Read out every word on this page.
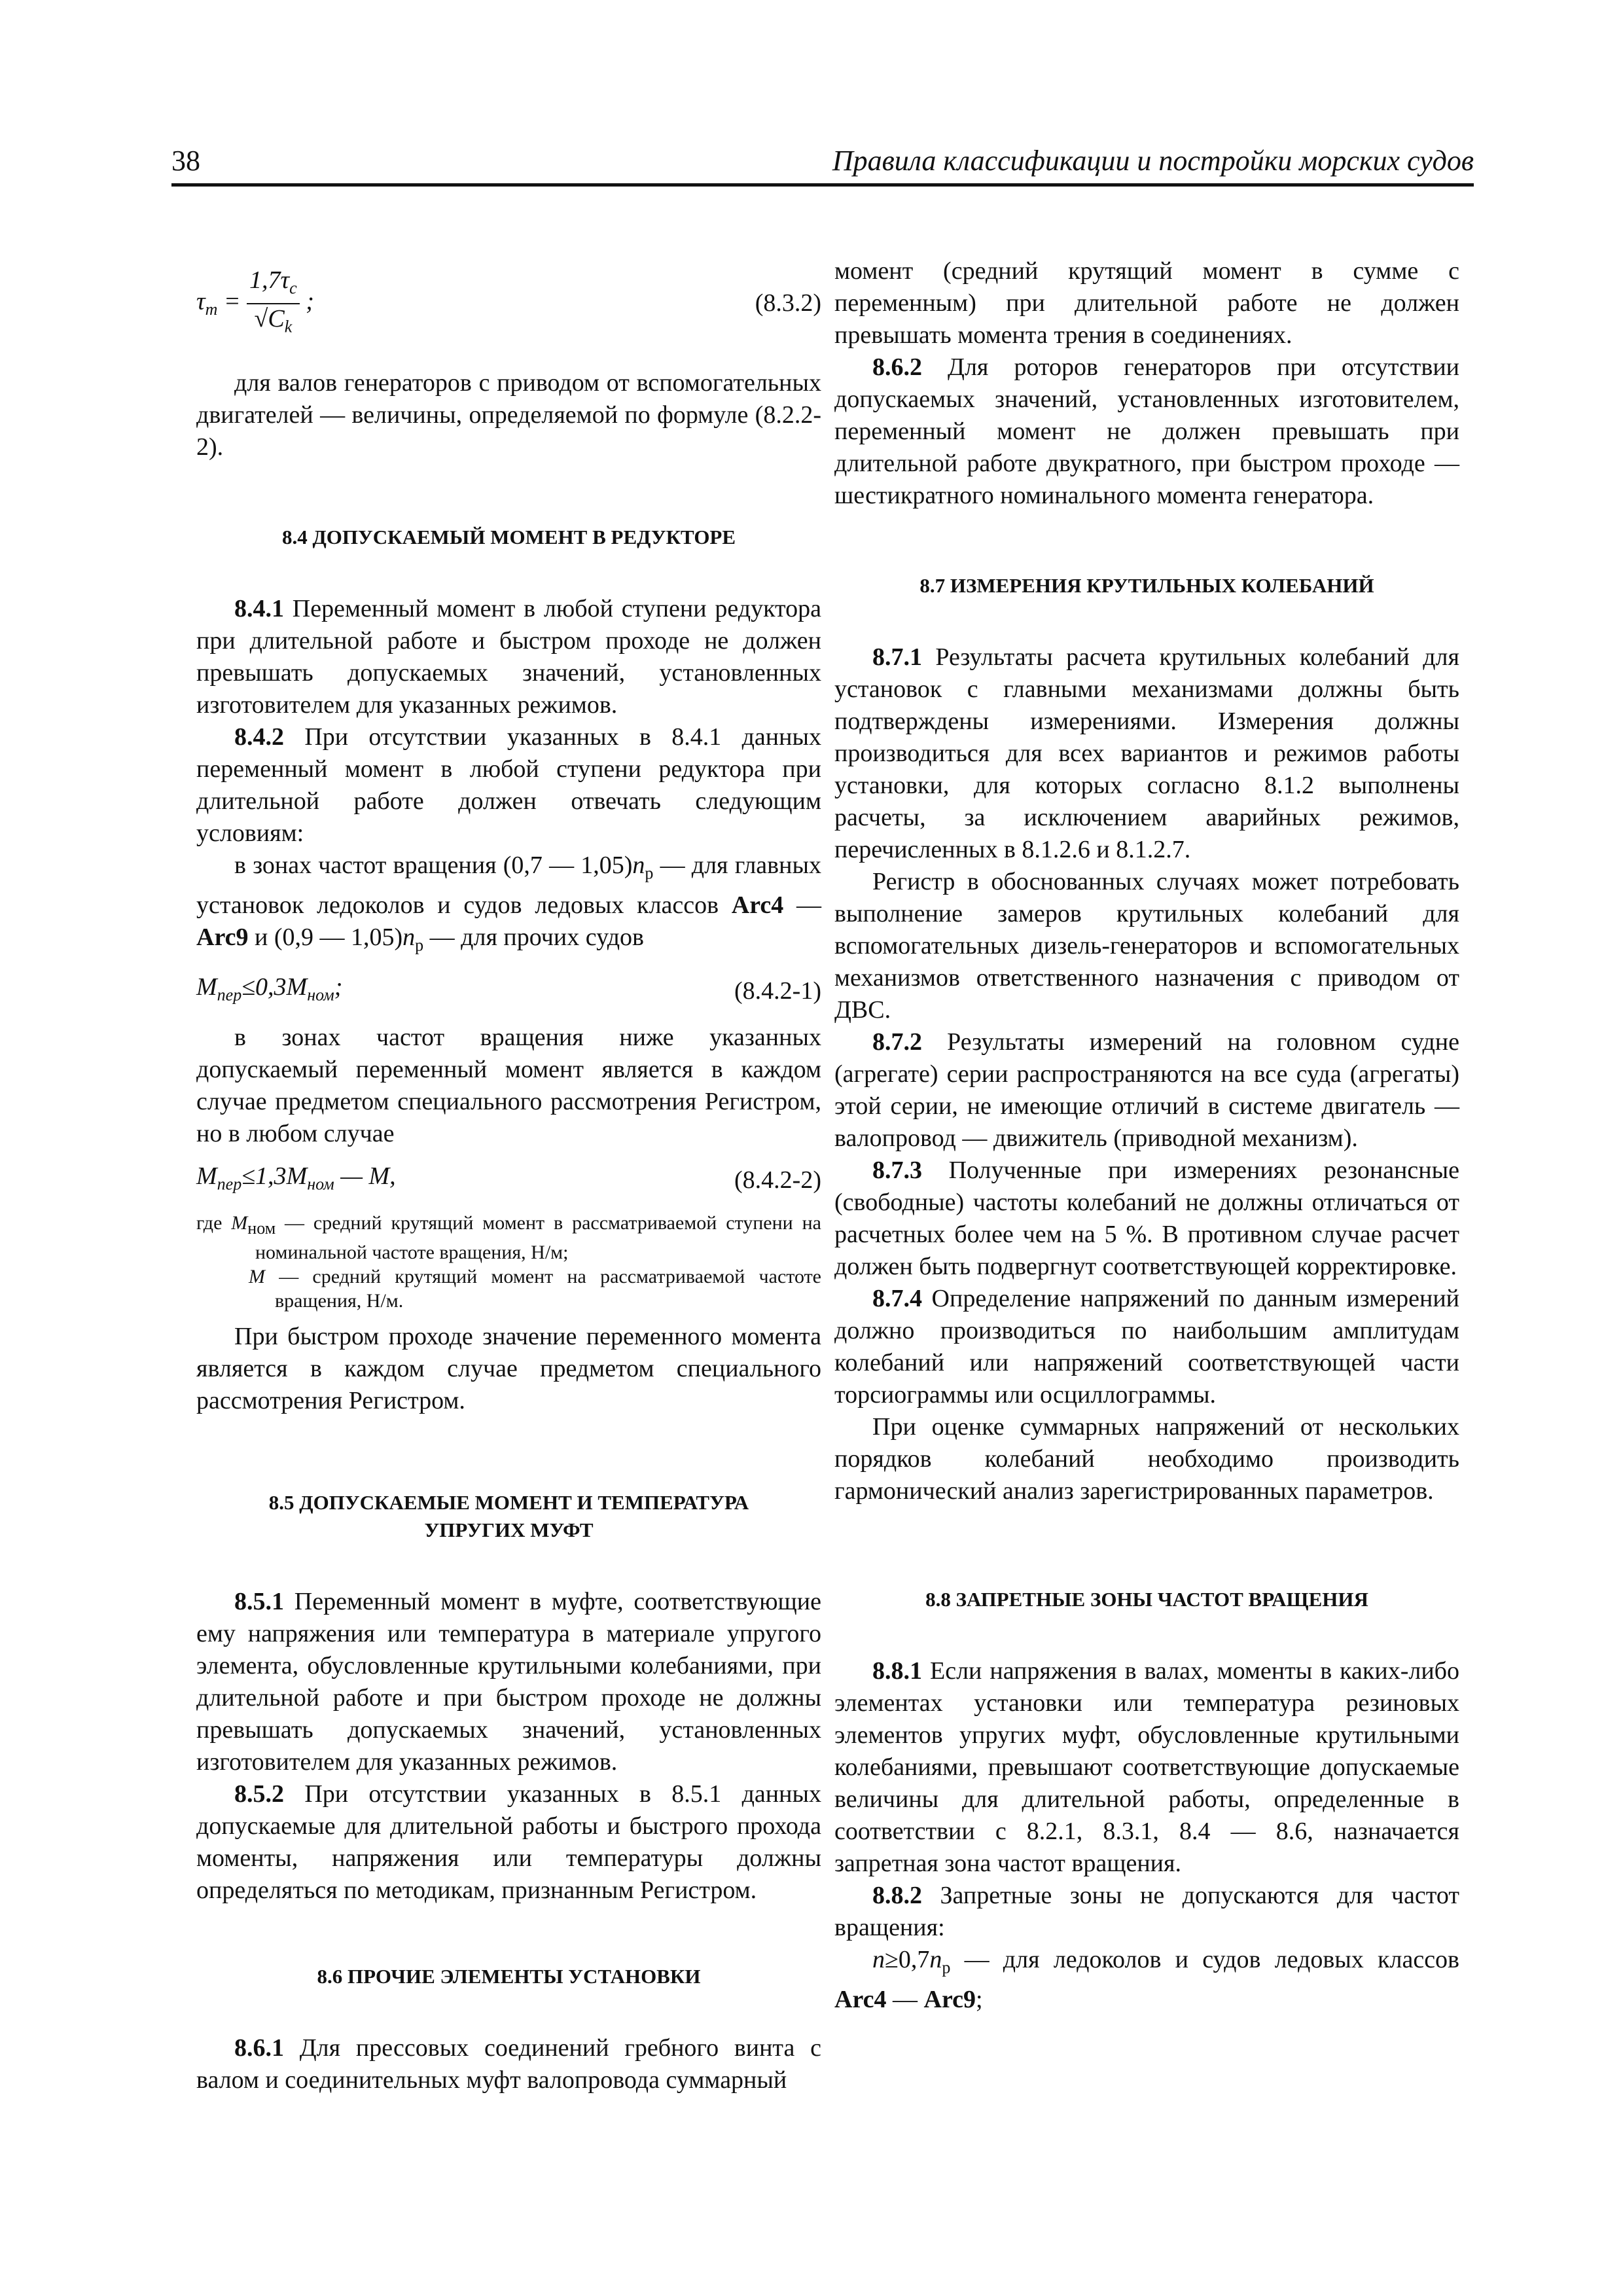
38	Правила классификации и постройки морских судов
$\tau_т = \frac{1,7\tau_с}{√C_k}$ ;	(8.3.2)

для валов генераторов с приводом от вспомогательных двигателей — величины, определяемой по формуле (8.2.2-2).

8.4 ДОПУСКАЕМЫЙ МОМЕНТ В РЕДУКТОРЕ

8.4.1 Переменный момент в любой ступени редуктора при длительной работе и быстром проходе не должен превышать допускаемых значений, установленных изготовителем для указанных режимов.

8.4.2 При отсутствии указанных в 8.4.1 данных переменный момент в любой ступени редуктора при длительной работе должен отвечать следующим условиям:

в зонах частот вращения (0,7 — $1,05)n_р$ — для главных установок ледоколов и судов ледовых классов Arc4 — Arc9 и (0,9 — $1,05)n_р$ — для прочих судов

$M_{пер}\le 0,3M_{ном}$;	(8.4.2-1)

в зонах частот вращения ниже указанных допускаемый переменный момент является в каждом случае предметом специального рассмотрения Регистром, но в любом случае

$M_{пер}\le 1,3M_{ном}$ — M,	(8.4.2-2)
где $M_{ном}$ — средний крутящий момент в рассматриваемой ступени на номинальной частоте вращения, Н/м;
M — средний крутящий момент на рассматриваемой частоте вращения, Н/м.

При быстром проходе значение переменного момента является в каждом случае предметом специального рассмотрения Регистром.

8.5 ДОПУСКАЕМЫЕ МОМЕНТ И ТЕМПЕРАТУРА
УПРУГИХ МУФТ

8.5.1 Переменный момент в муфте, соответствующие ему напряжения или температура в материале упругого элемента, обусловленные крутильными колебаниями, при длительной работе и при быстром проходе не должны превышать допускаемых значений, установленных изготовителем для указанных режимов.

8.5.2 При отсутствии указанных в 8.5.1 данных допускаемые для длительной работы и быстрого прохода моменты, напряжения или температуры должны определяться по методикам, признанным Регистром.

8.6 ПРОЧИЕ ЭЛЕМЕНТЫ УСТАНОВКИ

8.6.1 Для прессовых соединений гребного винта с валом и соединительных муфт валопровода суммарный

момент (средний крутящий момент в сумме с переменным) при длительной работе не должен превышать момента трения в соединениях.

8.6.2 Для роторов генераторов при отсутствии допускаемых значений, установленных изготовителем, переменный момент не должен превышать при длительной работе двукратного, при быстром проходе — шестикратного номинального момента генератора.

8.7 ИЗМЕРЕНИЯ КРУТИЛЬНЫХ КОЛЕБАНИЙ

8.7.1 Результаты расчета крутильных колебаний для установок с главными механизмами должны быть подтверждены измерениями. Измерения должны производиться для всех вариантов и режимов работы установки, для которых согласно 8.1.2 выполнены расчеты, за исключением аварийных режимов, перечисленных в 8.1.2.6 и 8.1.2.7.

Регистр в обоснованных случаях может потребовать выполнение замеров крутильных колебаний для вспомогательных дизель-генераторов и вспомогательных механизмов ответственного назначения с приводом от ДВС.

8.7.2 Результаты измерений на головном судне (агрегате) серии распространяются на все суда (агрегаты) этой серии, не имеющие отличий в системе двигатель — валопровод — движитель (приводной механизм).

8.7.3 Полученные при измерениях резонансные (свободные) частоты колебаний не должны отличаться от расчетных более чем на 5 %. В противном случае расчет должен быть подвергнут соответствующей корректировке.

8.7.4 Определение напряжений по данным измерений должно производиться по наибольшим амплитудам колебаний или напряжений соответствующей части торсиограммы или осциллограммы.

При оценке суммарных напряжений от нескольких порядков колебаний необходимо производить гармонический анализ зарегистрированных параметров.

8.8 ЗАПРЕТНЫЕ ЗОНЫ ЧАСТОТ ВРАЩЕНИЯ

8.8.1 Если напряжения в валах, моменты в каких-либо элементах установки или температура резиновых элементов упругих муфт, обусловленные крутильными колебаниями, превышают соответствующие допускаемые величины для длительной работы, определенные в соответствии с 8.2.1, 8.3.1, 8.4 — 8.6, назначается запретная зона частот вращения.

8.8.2 Запретные зоны не допускаются для частот вращения:

$n\ge 0,7n_р$ — для ледоколов и судов ледовых классов Arc4 — Arc9;
